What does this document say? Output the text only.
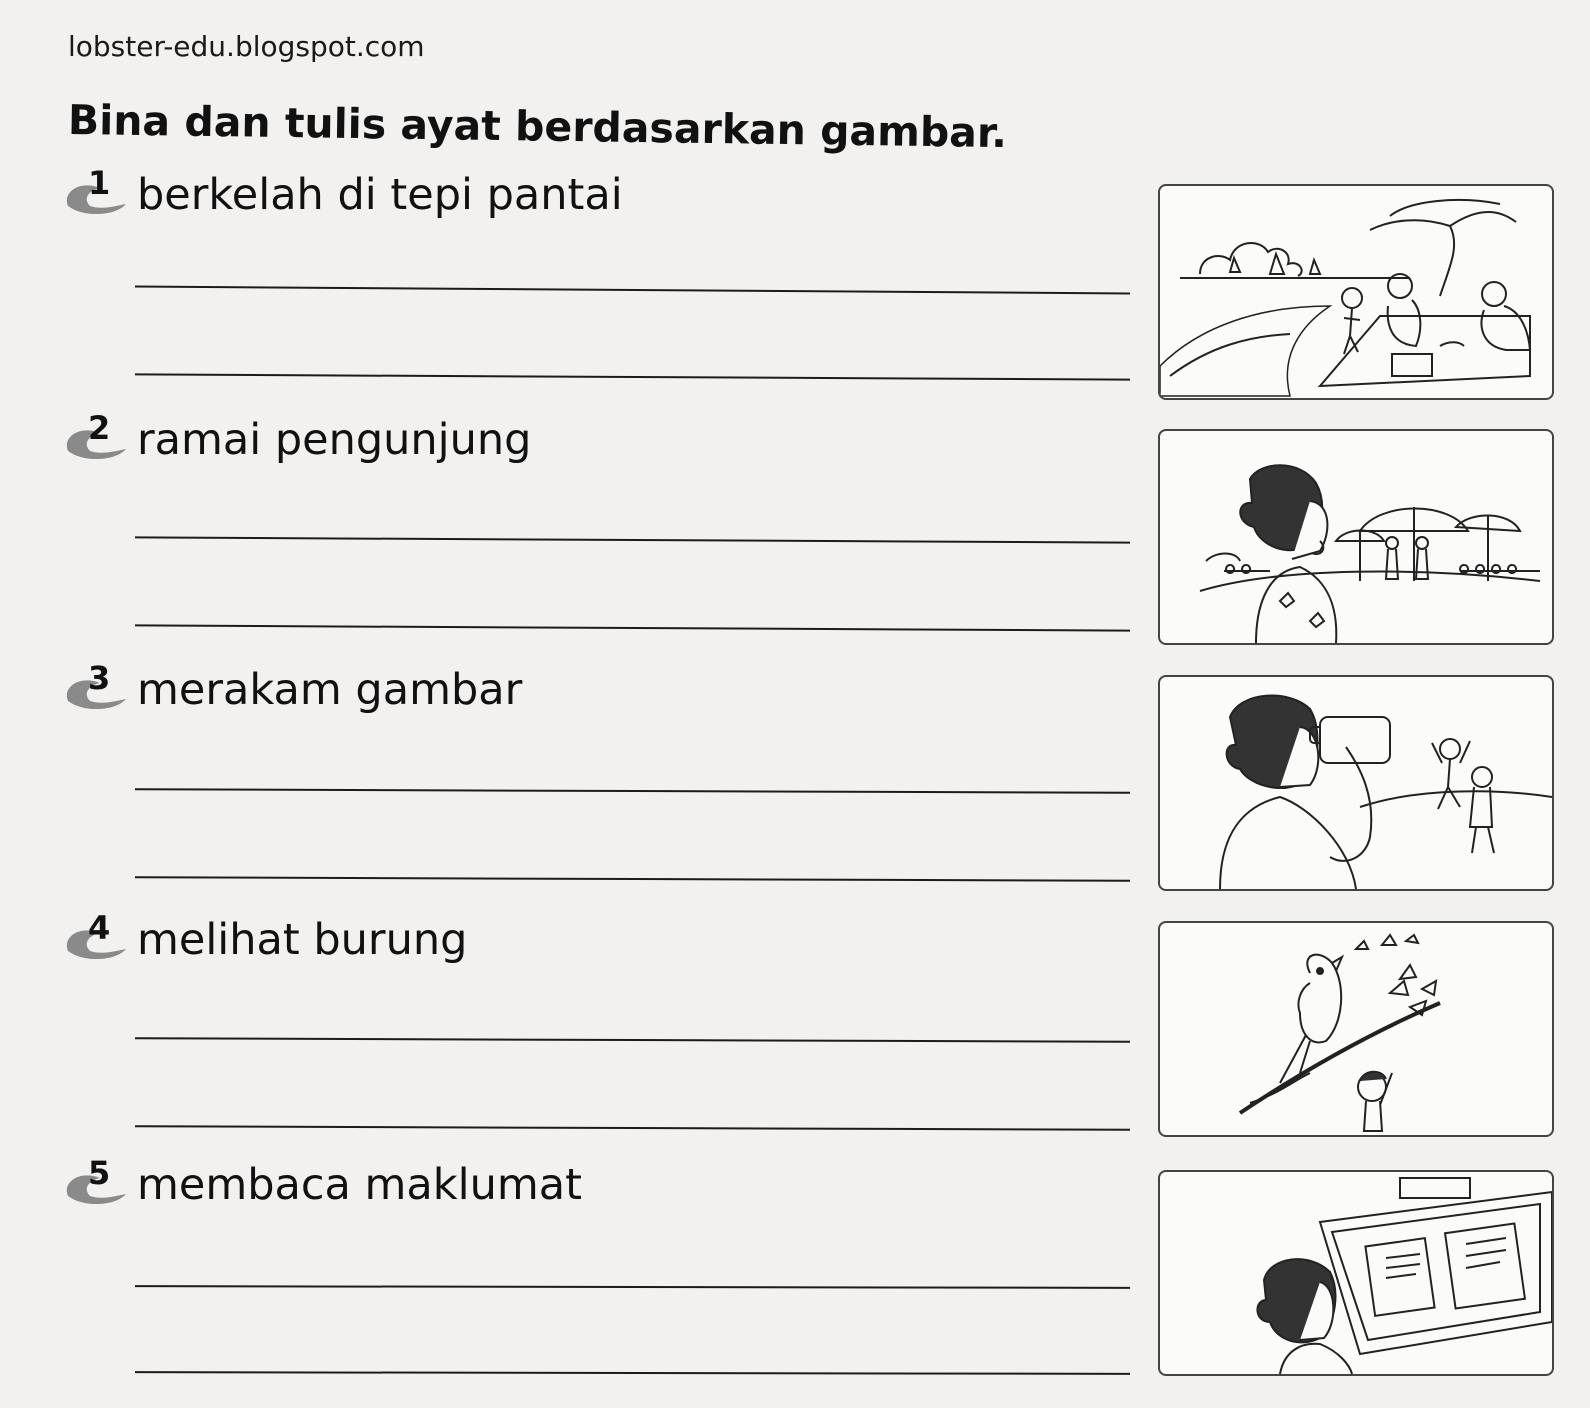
lobster-edu.blogspot.com
Bina dan tulis ayat berdasarkan gambar.
1 berkelah di tepi pantai
2 ramai pengunjung
3 merakam gambar
4 melihat burung
5 membaca maklumat
